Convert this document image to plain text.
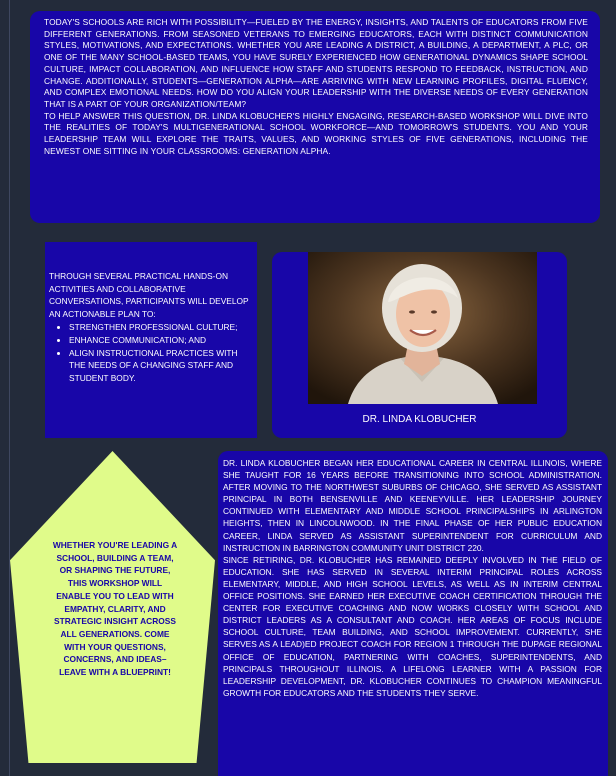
TODAY'S SCHOOLS ARE RICH WITH POSSIBILITY—FUELED BY THE ENERGY, INSIGHTS, AND TALENTS OF EDUCATORS FROM FIVE DIFFERENT GENERATIONS. FROM SEASONED VETERANS TO EMERGING EDUCATORS, EACH WITH DISTINCT COMMUNICATION STYLES, MOTIVATIONS, AND EXPECTATIONS. WHETHER YOU ARE LEADING A DISTRICT, A BUILDING, A DEPARTMENT, A PLC, OR ONE OF THE MANY SCHOOL-BASED TEAMS, YOU HAVE SURELY EXPERIENCED HOW GENERATIONAL DYNAMICS SHAPE SCHOOL CULTURE, IMPACT COLLABORATION, AND INFLUENCE HOW STAFF AND STUDENTS RESPOND TO FEEDBACK, INSTRUCTION, AND CHANGE. ADDITIONALLY, STUDENTS—GENERATION ALPHA—ARE ARRIVING WITH NEW LEARNING PROFILES, DIGITAL FLUENCY, AND COMPLEX EMOTIONAL NEEDS. HOW DO YOU ALIGN YOUR LEADERSHIP WITH THE DIVERSE NEEDS OF EVERY GENERATION THAT IS A PART OF YOUR ORGANIZATION/TEAM?

TO HELP ANSWER THIS QUESTION, DR. LINDA KLOBUCHER'S HIGHLY ENGAGING, RESEARCH-BASED WORKSHOP WILL DIVE INTO THE REALITIES OF TODAY'S MULTIGENERATIONAL SCHOOL WORKFORCE—AND TOMORROW'S STUDENTS. YOU AND YOUR LEADERSHIP TEAM WILL EXPLORE THE TRAITS, VALUES, AND WORKING STYLES OF FIVE GENERATIONS, INCLUDING THE NEWEST ONE SITTING IN YOUR CLASSROOMS: GENERATION ALPHA.

THROUGH SEVERAL PRACTICAL HANDS-ON ACTIVITIES AND COLLABORATIVE CONVERSATIONS, PARTICIPANTS WILL DEVELOP AN ACTIONABLE PLAN TO:

• STRENGTHEN PROFESSIONAL CULTURE;
• ENHANCE COMMUNICATION; AND
• ALIGN INSTRUCTIONAL PRACTICES WITH THE NEEDS OF A CHANGING STAFF AND STUDENT BODY.
DR. LINDA KLOBUCHER
WHETHER YOU'RE LEADING A SCHOOL, BUILDING A TEAM, OR SHAPING THE FUTURE, THIS WORKSHOP WILL ENABLE YOU TO LEAD WITH EMPATHY, CLARITY, AND STRATEGIC INSIGHT ACROSS ALL GENERATIONS. COME WITH YOUR QUESTIONS, CONCERNS, AND IDEAS–LEAVE WITH A BLUEPRINT!

DR. LINDA KLOBUCHER BEGAN HER EDUCATIONAL CAREER IN CENTRAL ILLINOIS, WHERE SHE TAUGHT FOR 16 YEARS BEFORE TRANSITIONING INTO SCHOOL ADMINISTRATION. AFTER MOVING TO THE NORTHWEST SUBURBS OF CHICAGO, SHE SERVED AS ASSISTANT PRINCIPAL IN BOTH BENSENVILLE AND KEENEYVILLE. HER LEADERSHIP JOURNEY CONTINUED WITH ELEMENTARY AND MIDDLE SCHOOL PRINCIPALSHIPS IN ARLINGTON HEIGHTS, THEN IN LINCOLNWOOD. IN THE FINAL PHASE OF HER PUBLIC EDUCATION CAREER, LINDA SERVED AS ASSISTANT SUPERINTENDENT FOR CURRICULUM AND INSTRUCTION IN BARRINGTON COMMUNITY UNIT DISTRICT 220.

SINCE RETIRING, DR. KLOBUCHER HAS REMAINED DEEPLY INVOLVED IN THE FIELD OF EDUCATION. SHE HAS SERVED IN SEVERAL INTERIM PRINCIPAL ROLES ACROSS ELEMENTARY, MIDDLE, AND HIGH SCHOOL LEVELS, AS WELL AS IN INTERIM CENTRAL OFFICE POSITIONS. SHE EARNED HER EXECUTIVE COACH CERTIFICATION THROUGH THE CENTER FOR EXECUTIVE COACHING AND NOW WORKS CLOSELY WITH SCHOOL AND DISTRICT LEADERS AS A CONSULTANT AND COACH. HER AREAS OF FOCUS INCLUDE SCHOOL CULTURE, TEAM BUILDING, AND SCHOOL IMPROVEMENT. CURRENTLY, SHE SERVES AS A LEAD)ED PROJECT COACH FOR REGION 1 THROUGH THE DUPAGE REGIONAL OFFICE OF EDUCATION, PARTNERING WITH COACHES, SUPERINTENDENTS, AND PRINCIPALS THROUGHOUT ILLINOIS. A LIFELONG LEARNER WITH A PASSION FOR LEADERSHIP DEVELOPMENT, DR. KLOBUCHER CONTINUES TO CHAMPION MEANINGFUL GROWTH FOR EDUCATORS AND THE STUDENTS THEY SERVE.
